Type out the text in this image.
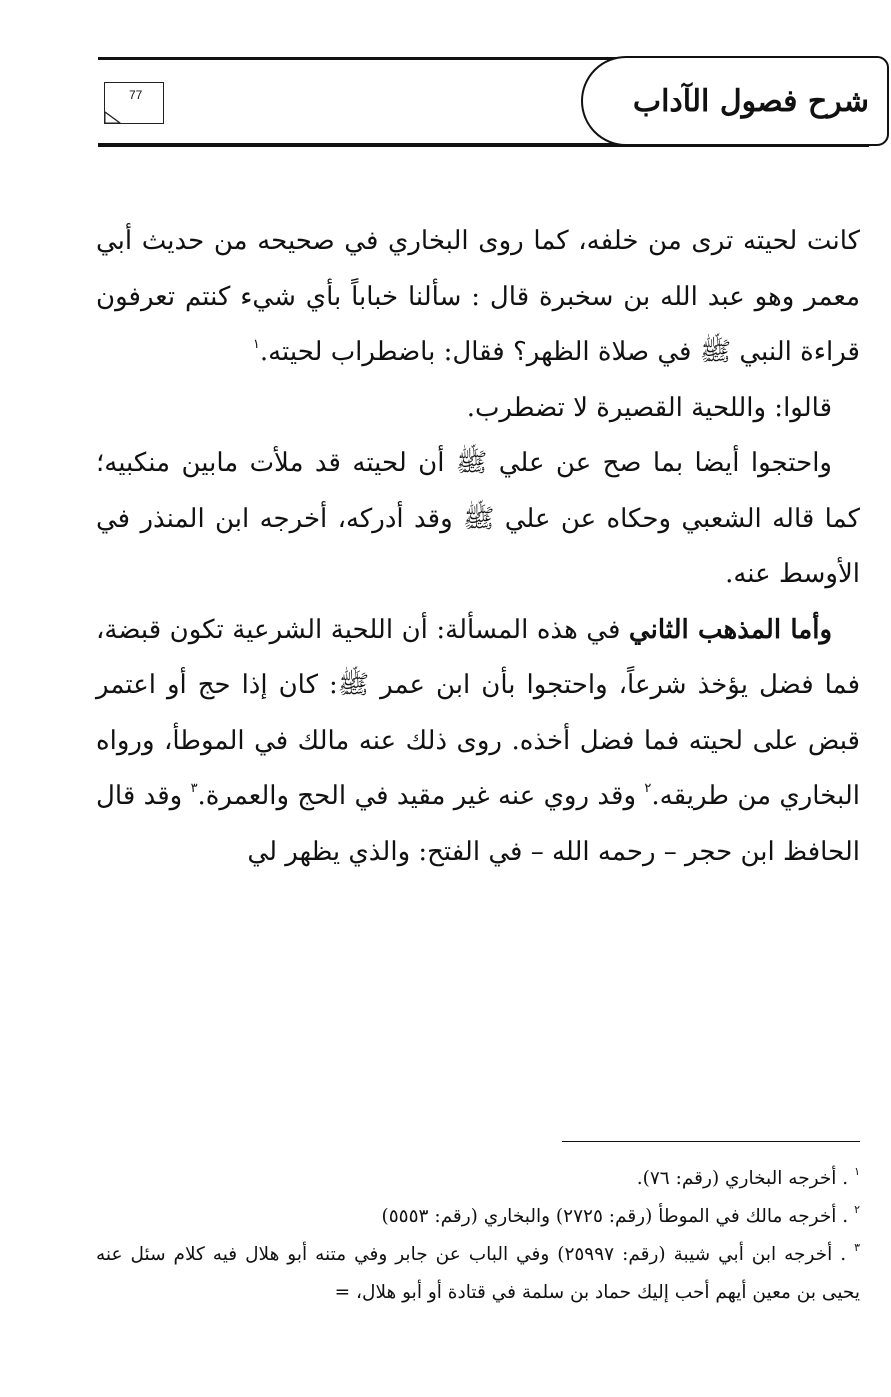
شرح فصول الآداب
77

كانت لحيته ترى من خلفه، كما روى البخاري في صحيحه من حديث أبي معمر وهو عبد الله بن سخبرة قال : سألنا خباباً بأي شيء كنتم تعرفون قراءة النبي ﷺ في صلاة الظهر؟ فقال: باضطراب لحيته.$^١$

قالوا: واللحية القصيرة لا تضطرب.

واحتجوا أيضا بما صح عن علي ﷺ أن لحيته قد ملأت مابين منكبيه؛ كما قاله الشعبي وحكاه عن علي ﷺ وقد أدركه، أخرجه ابن المنذر في الأوسط عنه.

وأما المذهب الثاني في هذه المسألة: أن اللحية الشرعية تكون قبضة، فما فضل يؤخذ شرعاً، واحتجوا بأن ابن عمر ﷺ: كان إذا حج أو اعتمر قبض على لحيته فما فضل أخذه. روى ذلك عنه مالك في الموطأ، ورواه البخاري من طريقه.$^٢$ وقد روي عنه غير مقيد في الحج والعمرة.$^٣$ وقد قال الحافظ ابن حجر – رحمه الله – في الفتح: والذي يظهر لي

$^١$ . أخرجه البخاري (رقم: ٧٦).

$^٢$ . أخرجه مالك في الموطأ (رقم: ٢٧٢٥) والبخاري (رقم: ٥٥٥٣)

$^٣$ . أخرجه ابن أبي شيبة (رقم: ٢٥٩٩٧) وفي الباب عن جابر وفي متنه أبو هلال فيه كلام سئل عنه يحيى بن معين أيهم أحب إليك حماد بن سلمة في قتادة أو أبو هلال، =
